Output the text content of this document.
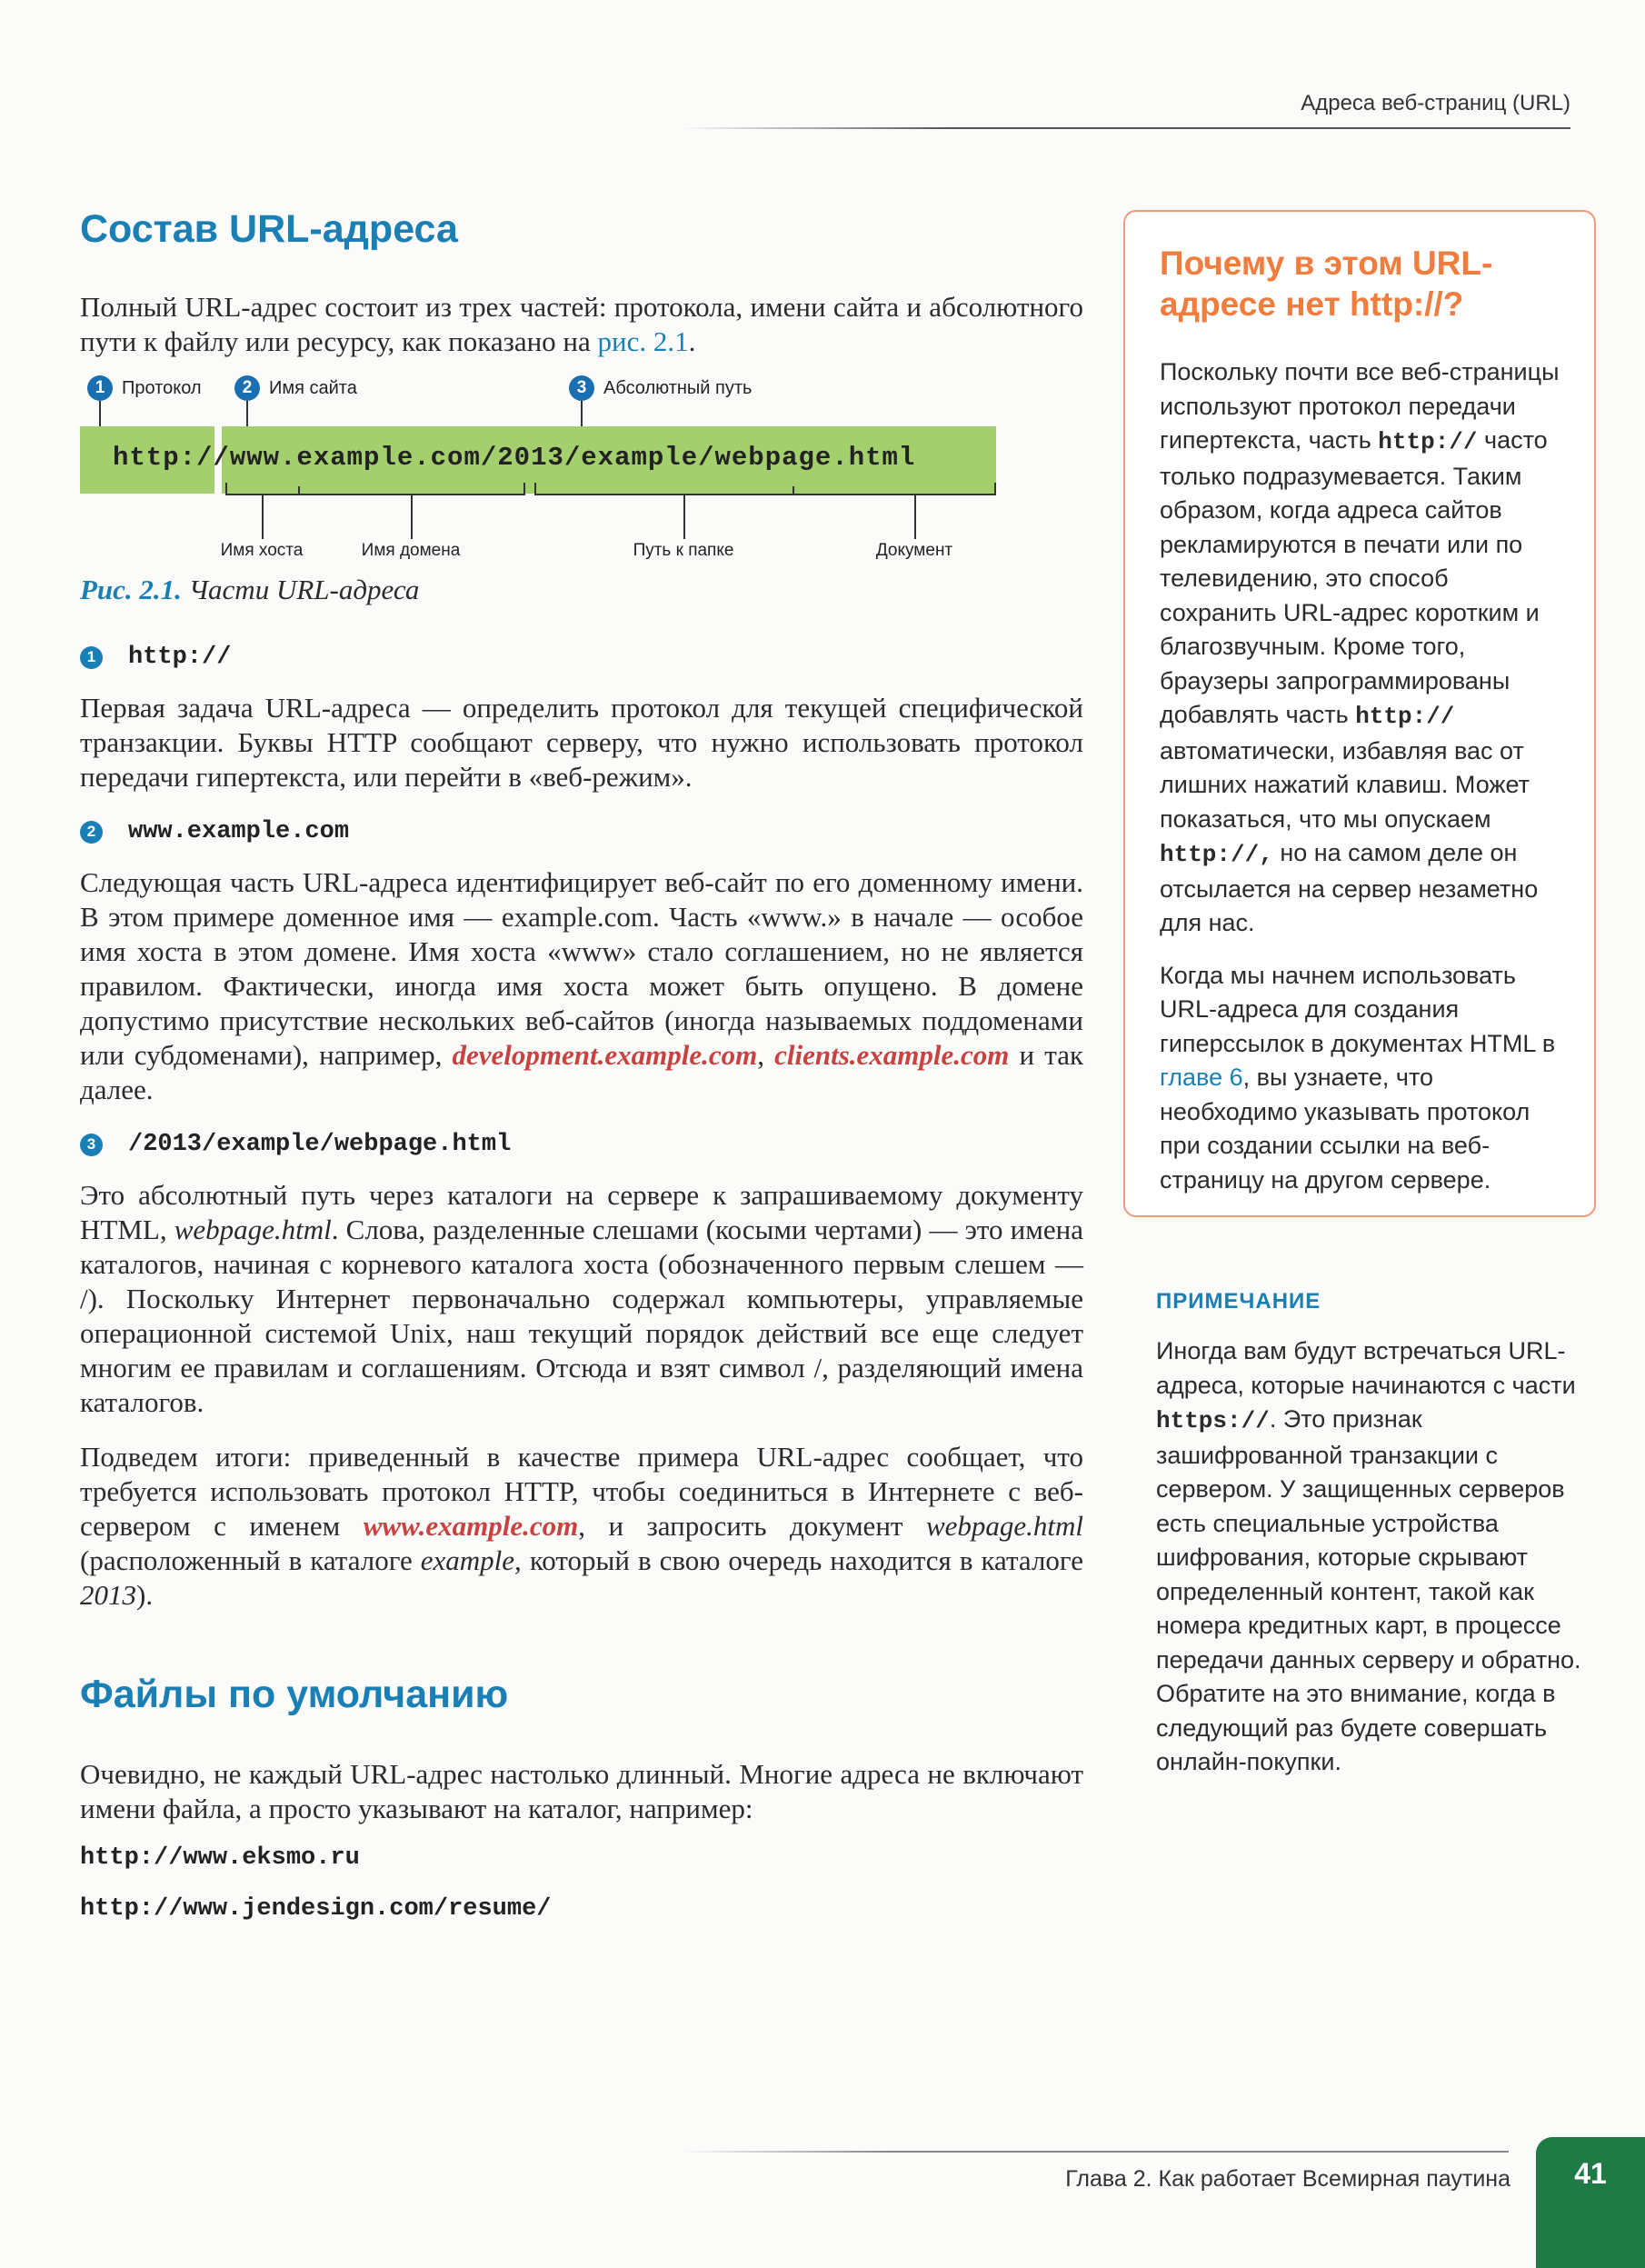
Адреса веб-страниц (URL)
Состав URL-адреса

Полный URL-адрес состоит из трех частей: протокола, имени сайта и абсолютного пути к файлу или ресурсу, как показано на рис. 2.1.

1 Протокол	2 Имя сайта	3 Абсолютный путь
http://www.example.com/2013/example/webpage.html
Имя хоста	Имя домена	Путь к папке	Документ

Рис. 2.1. Части URL-адреса

1 http://

Первая задача URL-адреса — определить протокол для текущей специфической транзакции. Буквы HTTP сообщают серверу, что нужно использовать протокол передачи гипертекста, или перейти в «веб-режим».

2 www.example.com

Следующая часть URL-адреса идентифицирует веб-сайт по его доменному имени. В этом примере доменное имя — example.com. Часть «www.» в начале — особое имя хоста в этом домене. Имя хоста «www» стало соглашением, но не является правилом. Фактически, иногда имя хоста может быть опущено. В домене допустимо присутствие нескольких веб-сайтов (иногда называемых поддоменами или субдоменами), например, development.example.com, clients.example.com и так далее.

3 /2013/example/webpage.html

Это абсолютный путь через каталоги на сервере к запрашиваемому документу HTML, webpage.html. Слова, разделенные слешами (косыми чертами) — это имена каталогов, начиная с корневого каталога хоста (обозначенного первым слешем — /). Поскольку Интернет первоначально содержал компьютеры, управляемые операционной системой Unix, наш текущий порядок действий все еще следует многим ее правилам и соглашениям. Отсюда и взят символ /, разделяющий имена каталогов.

Подведем итоги: приведенный в качестве примера URL-адрес сообщает, что требуется использовать протокол HTTP, чтобы соединиться в Интернете с веб-сервером с именем www.example.com, и запросить документ webpage.html (расположенный в каталоге example, который в свою очередь находится в каталоге 2013).

Файлы по умолчанию

Очевидно, не каждый URL-адрес настолько длинный. Многие адреса не включают имени файла, а просто указывают на каталог, например:

http://www.eksmo.ru
http://www.jendesign.com/resume/
Почему в этом URL-адресе нет http://?

Поскольку почти все веб-страницы используют протокол передачи гипертекста, часть http:// часто только подразумевается. Таким образом, когда адреса сайтов рекламируются в печати или по телевидению, это способ сохранить URL-адрес коротким и благозвучным. Кроме того, браузеры запрограммированы добавлять часть http:// автоматически, избавляя вас от лишних нажатий клавиш. Может показаться, что мы опускаем http://, но на самом деле он отсылается на сервер незаметно для нас.

Когда мы начнем использовать URL-адреса для создания гиперссылок в документах HTML в главе 6, вы узнаете, что необходимо указывать протокол при создании ссылки на веб-страницу на другом сервере.

ПРИМЕЧАНИЕ

Иногда вам будут встречаться URL-адреса, которые начинаются с части https://. Это признак зашифрованной транзакции с сервером. У защищенных серверов есть специальные устройства шифрования, которые скрывают определенный контент, такой как номера кредитных карт, в процессе передачи данных серверу и обратно. Обратите на это внимание, когда в следующий раз будете совершать онлайн-покупки.

Глава 2. Как работает Всемирная паутина	41
